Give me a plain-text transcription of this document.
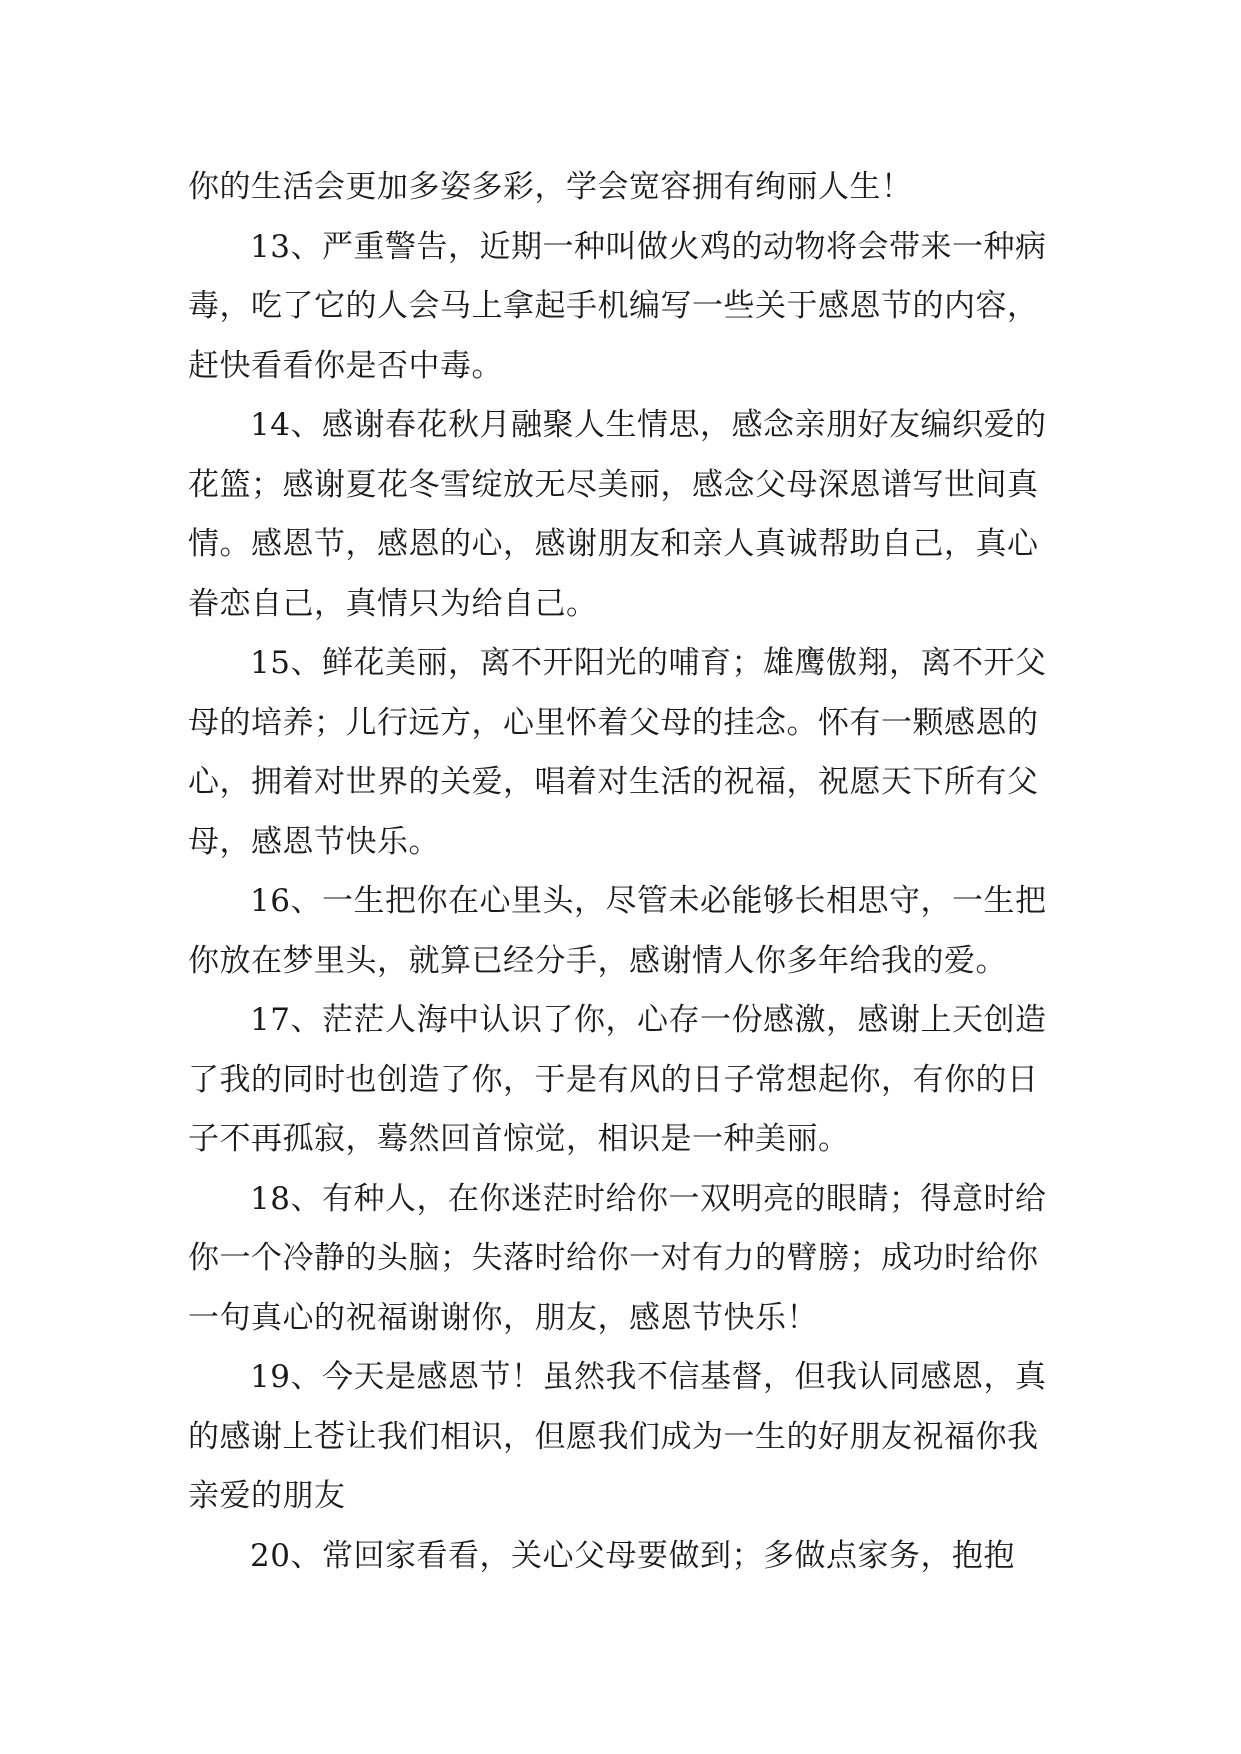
你的生活会更加多姿多彩，学会宽容拥有绚丽人生！

13、严重警告，近期一种叫做火鸡的动物将会带来一种病毒，吃了它的人会马上拿起手机编写一些关于感恩节的内容，赶快看看你是否中毒。

14、感谢春花秋月融聚人生情思，感念亲朋好友编织爱的花篮；感谢夏花冬雪绽放无尽美丽，感念父母深恩谱写世间真情。感恩节，感恩的心，感谢朋友和亲人真诚帮助自己，真心眷恋自己，真情只为给自己。

15、鲜花美丽，离不开阳光的哺育；雄鹰傲翔，离不开父母的培养；儿行远方，心里怀着父母的挂念。怀有一颗感恩的心，拥着对世界的关爱，唱着对生活的祝福，祝愿天下所有父母，感恩节快乐。

16、一生把你在心里头，尽管未必能够长相思守，一生把你放在梦里头，就算已经分手，感谢情人你多年给我的爱。

17、茫茫人海中认识了你，心存一份感激，感谢上天创造了我的同时也创造了你，于是有风的日子常想起你，有你的日子不再孤寂，蓦然回首惊觉，相识是一种美丽。

18、有种人，在你迷茫时给你一双明亮的眼睛；得意时给你一个冷静的头脑；失落时给你一对有力的臂膀；成功时给你一句真心的祝福谢谢你，朋友，感恩节快乐！

19、今天是感恩节！虽然我不信基督，但我认同感恩，真的感谢上苍让我们相识，但愿我们成为一生的好朋友祝福你我亲爱的朋友

20、常回家看看，关心父母要做到；多做点家务，抱抱
